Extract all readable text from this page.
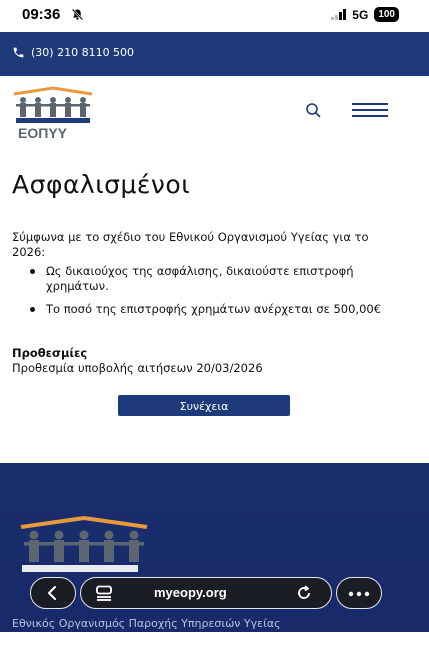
09:36	5G	100
(30) 210 8110 500
ΕΟΠΥΥ
Ασφαλισμένοι

Σύμφωνα με το σχέδιο του Εθνικού Οργανισμού Υγείας για το 2026:

Ως δικαιούχος της ασφάλισης, δικαιούστε επιστροφή χρημάτων.
Το ποσό της επιστροφής χρημάτων ανέρχεται σε 500,00€

Προθεσμίες

Προθεσμία υποβολής αιτήσεων 20/03/2026

Συνέχεια

Εθνικός Οργανισμός Παροχής Υπηρεσιών Υγείας

myeopy.org
